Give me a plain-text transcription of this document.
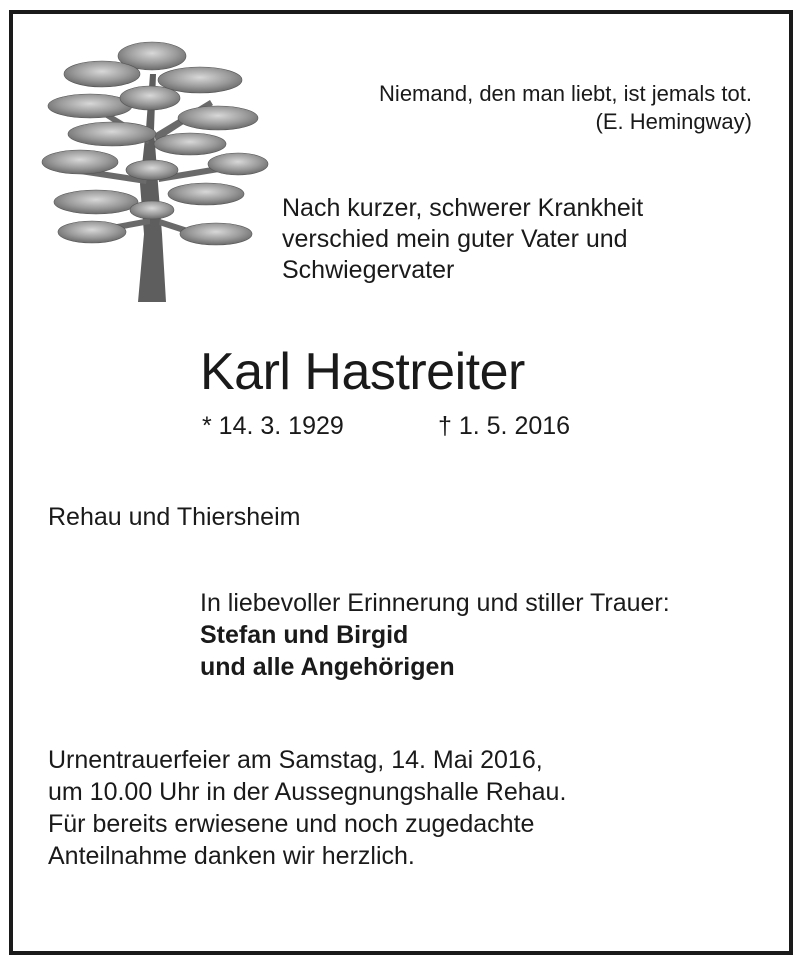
Niemand, den man liebt, ist jemals tot.
(E. Hemingway)
Nach kurzer, schwerer Krankheit
verschied mein guter Vater und
Schwiegervater
Karl Hastreiter
* 14. 3. 1929	† 1. 5. 2016
Rehau und Thiersheim
In liebevoller Erinnerung und stiller Trauer:
Stefan und Birgid
und alle Angehörigen
Urnentrauerfeier am Samstag, 14. Mai 2016,
um 10.00 Uhr in der Aussegnungshalle Rehau.
Für bereits erwiesene und noch zugedachte
Anteilnahme danken wir herzlich.
